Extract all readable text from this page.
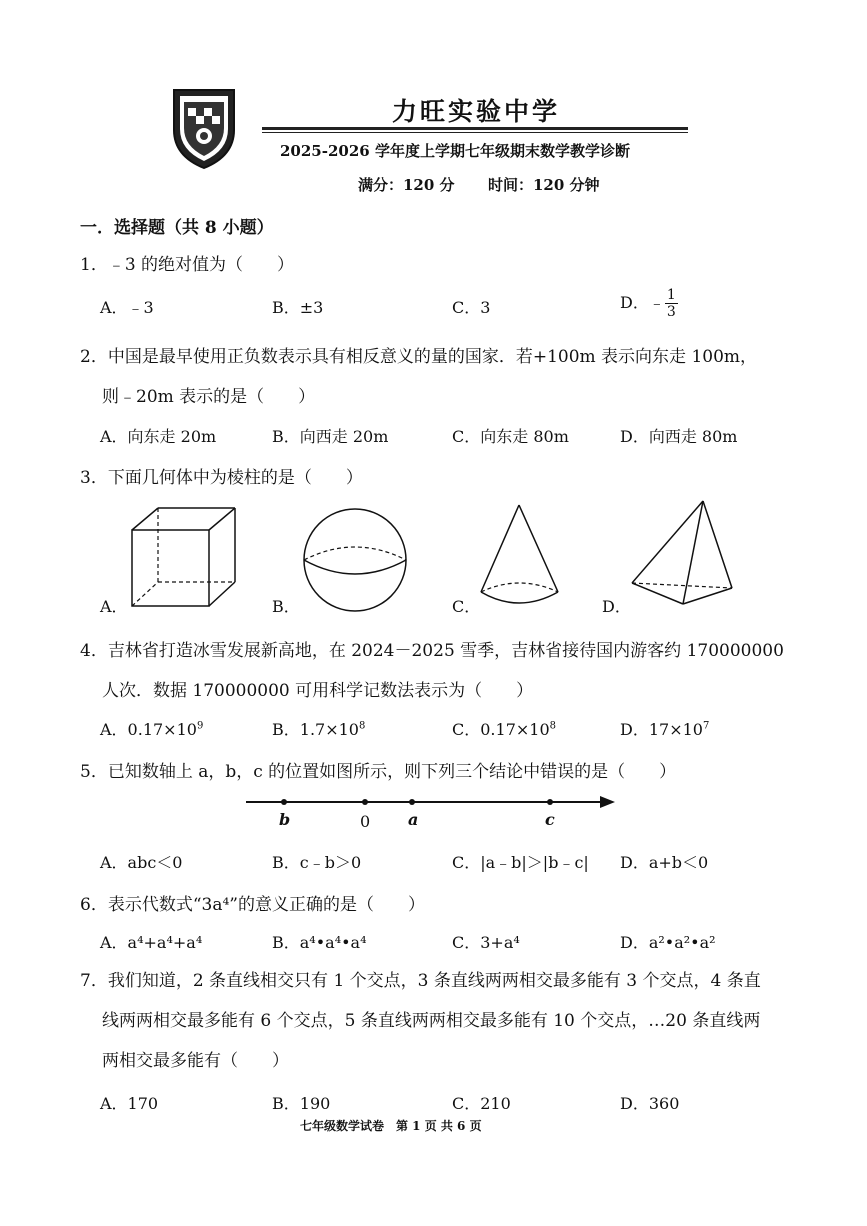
力旺实验中学
2025-2026 学年度上学期七年级期末数学教学诊断
满分：120 分 时间：120 分钟
一．选择题（共 8 小题）
1．﹣3 的绝对值为（　　）
A．﹣3	B．±3	C．3	D．﹣ $\frac{1}{3}$
2．中国是最早使用正负数表示具有相反意义的量的国家．若+100m 表示向东走 100m，
则﹣20m 表示的是（　　）
A．向东走 20m	B．向西走 20m	C．向东走 80m	D．向西走 80m
3．下面几何体中为棱柱的是（　　）
A．	B．	C．	D．
4．吉林省打造冰雪发展新高地，在 2024－2025 雪季，吉林省接待国内游客约 170000000
人次．数据 170000000 可用科学记数法表示为（　　）
A．$0.17\times 10^9$	B．$1.7\times 10^8$	C．$0.17\times 10^8$	D．$17\times 10^7$
5．已知数轴上 a，b，c 的位置如图所示，则下列三个结论中错误的是（　　）
b	0 a	c
A．abc＜0	B．c﹣b＞0	C．|a﹣b|＞|b﹣c| D．a+b＜0
6．表示代数式“3a⁴”的意义正确的是（　　）
A．a⁴+a⁴+a⁴	B．a⁴•a⁴•a⁴	C．3+a⁴	D．a²•a²•a²
7．我们知道，2 条直线相交只有 1 个交点，3 条直线两两相交最多能有 3 个交点，4 条直
线两两相交最多能有 6 个交点，5 条直线两两相交最多能有 10 个交点，…20 条直线两
两相交最多能有（　　）
A．170	B．190	C．210	D．360
七年级数学试卷　第 1 页 共 6 页
